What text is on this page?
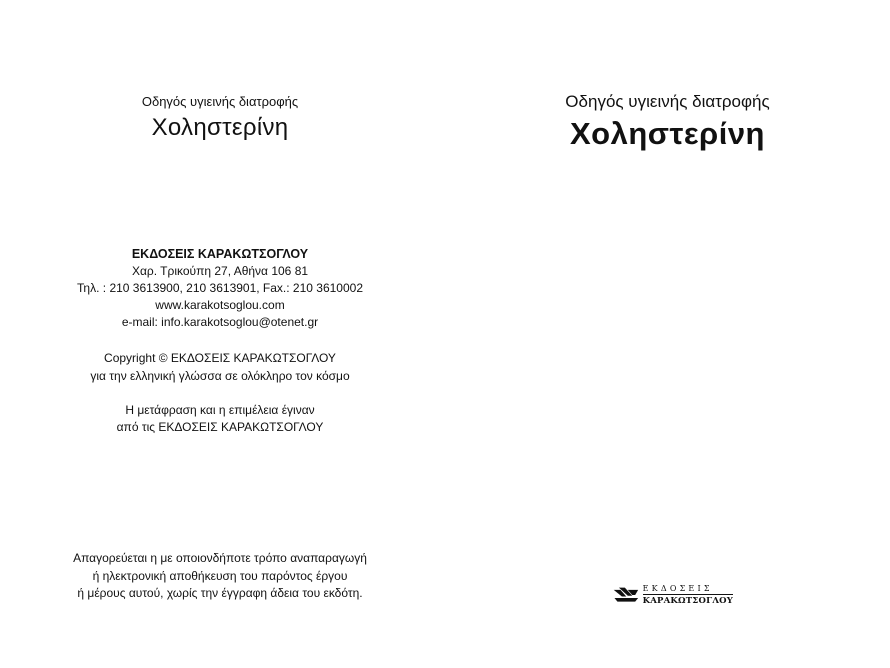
Οδηγός υγιεινής διατροφής
Χοληστερίνη
ΕΚΔΟΣΕΙΣ ΚΑΡΑΚΩΤΣΟΓΛΟΥ
Χαρ. Τρικούπη 27, Αθήνα 106 81
Τηλ. : 210 3613900, 210 3613901, Fax.: 210 3610002
www.karakotsoglou.com
e-mail: info.karakotsoglou@otenet.gr
Copyright © ΕΚΔΟΣΕΙΣ ΚΑΡΑΚΩΤΣΟΓΛΟΥ
για την ελληνική γλώσσα σε ολόκληρο τον κόσμο
Η μετάφραση και η επιμέλεια έγιναν
από τις ΕΚΔΟΣΕΙΣ ΚΑΡΑΚΩΤΣΟΓΛΟΥ
Απαγορεύεται η με οποιονδήποτε τρόπο αναπαραγωγή
ή ηλεκτρονική αποθήκευση του παρόντος έργου
ή μέρους αυτού, χωρίς την έγγραφη άδεια του εκδότη.
Οδηγός υγιεινής διατροφής
Χοληστερίνη
ΕΚΔΟΣΕΙΣ
ΚΑΡΑΚΩΤΣΟΓΛΟΥ
